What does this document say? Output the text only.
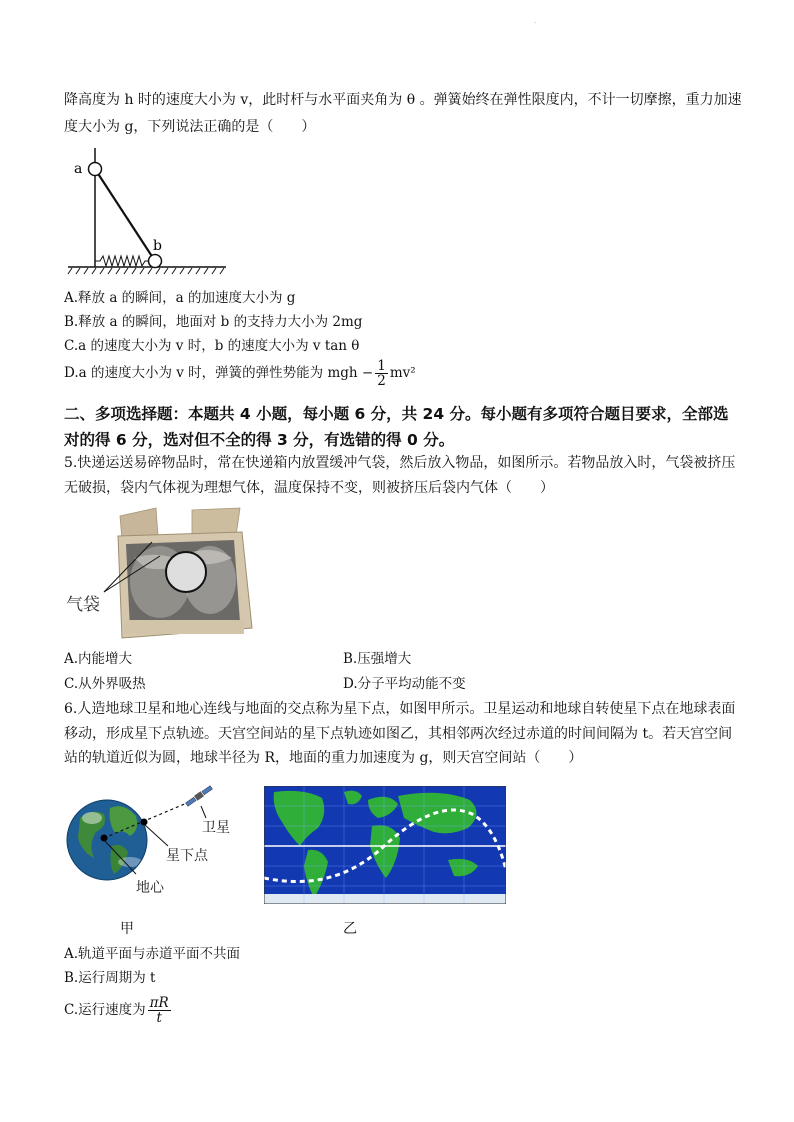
.
降高度为 h 时的速度大小为 v，此时杆与水平面夹角为 θ 。弹簧始终在弹性限度内，不计一切摩擦，重力加速
度大小为 g，下列说法正确的是（　　）
a
b
A.释放 a 的瞬间，a 的加速度大小为 g
B.释放 a 的瞬间，地面对 b 的支持力大小为 2mg
C.a 的速度大小为 v 时，b 的速度大小为 v tan θ
D.a 的速度大小为 v 时，弹簧的弹性势能为 mgh − $\frac{1}{2} mv^2$
二、多项选择题：本题共 4 小题，每小题 6 分，共 24 分。每小题有多项符合题目要求，全部选
对的得 6 分，选对但不全的得 3 分，有选错的得 0 分。
5.快递运送易碎物品时，常在快递箱内放置缓冲气袋，然后放入物品，如图所示。若物品放入时，气袋被挤压
无破损，袋内气体视为理想气体，温度保持不变，则被挤压后袋内气体（　　）
气袋
A.内能增大	B.压强增大
C.从外界吸热	D.分子平均动能不变
6.人造地球卫星和地心连线与地面的交点称为星下点，如图甲所示。卫星运动和地球自转使星下点在地球表面
移动，形成星下点轨迹。天宫空间站的星下点轨迹如图乙，其相邻两次经过赤道的时间间隔为 t。若天宫空间
站的轨道近似为圆，地球半径为 R，地面的重力加速度为 g，则天宫空间站（　　）
卫星
星下点
地心
甲	乙
A.轨道平面与赤道平面不共面
B.运行周期为 t
C.运行速度为 $\frac{\pi R}{t}$
